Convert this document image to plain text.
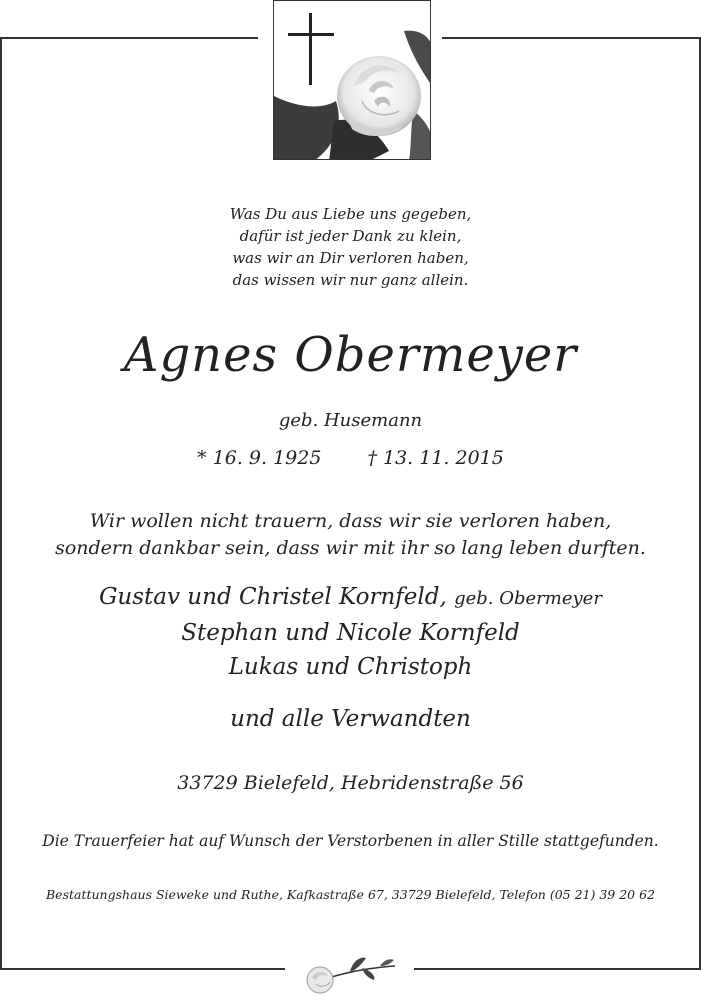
Was Du aus Liebe uns gegeben,
dafür ist jeder Dank zu klein,
was wir an Dir verloren haben,
das wissen wir nur ganz allein.
Agnes Obermeyer
geb. Husemann
* 16. 9. 1925 † 13. 11. 2015
Wir wollen nicht trauern, dass wir sie verloren haben,
sondern dankbar sein, dass wir mit ihr so lang leben durften.
Gustav und Christel Kornfeld, geb. Obermeyer
Stephan und Nicole Kornfeld
Lukas und Christoph
und alle Verwandten
33729 Bielefeld, Hebridenstraße 56
Die Trauerfeier hat auf Wunsch der Verstorbenen in aller Stille stattgefunden.
Bestattungshaus Sieweke und Ruthe, Kafkastraße 67, 33729 Bielefeld, Telefon (05 21) 39 20 62
